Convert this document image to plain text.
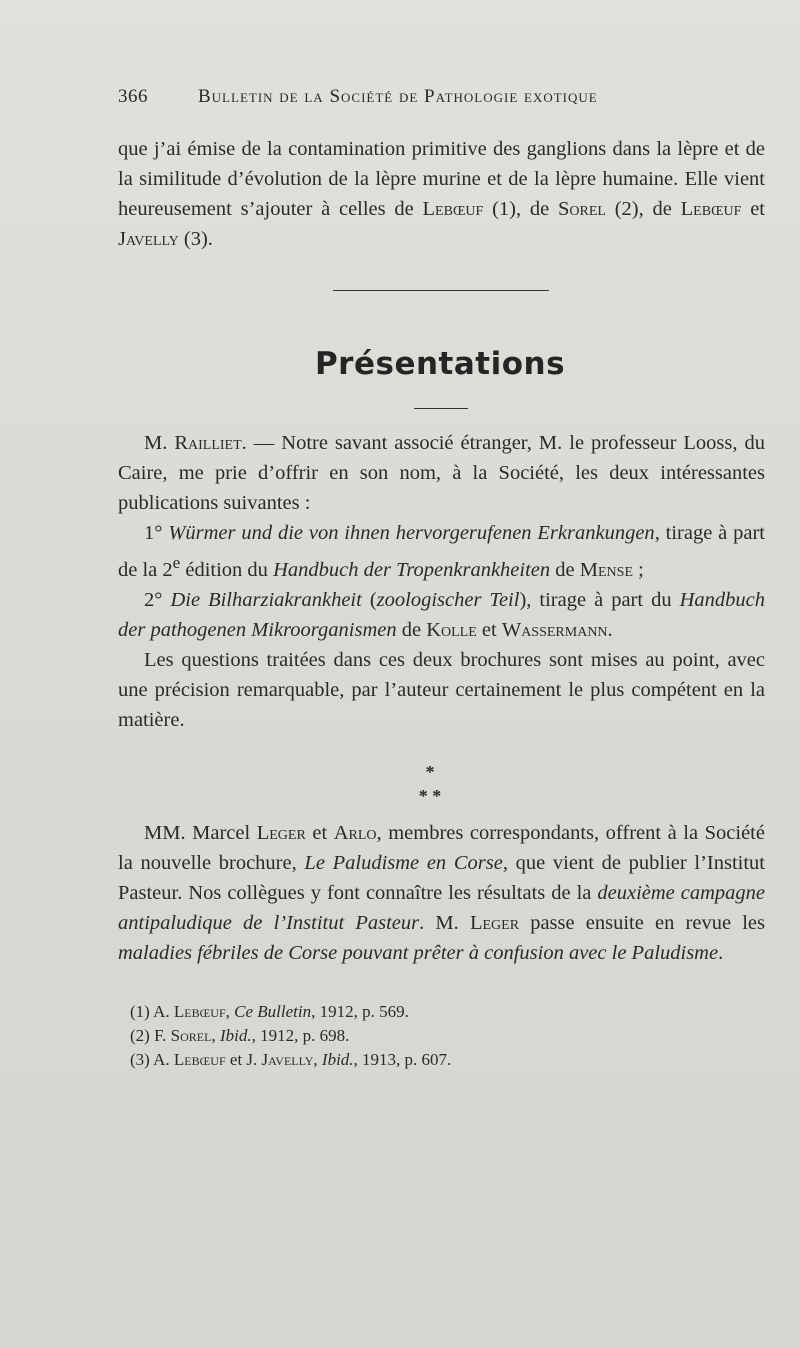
366	Bulletin de la Société de Pathologie exotique
que j’ai émise de la contamination primitive des ganglions dans la lèpre et de la similitude d’évolution de la lèpre murine et de la lèpre humaine. Elle vient heureusement s’ajouter à celles de Lebœuf (1), de Sorel (2), de Lebœuf et Javelly (3).
Présentations
M. Railliet. — Notre savant associé étranger, M. le professeur Looss, du Caire, me prie d’offrir en son nom, à la Société, les deux intéressantes publications suivantes :
1° Würmer und die von ihnen hervorgerufenen Erkrankungen, tirage à part de la 2e édition du Handbuch der Tropenkrankheiten de Mense ;
2° Die Bilharziakrankheit (zoologischer Teil), tirage à part du Handbuch der pathogenen Mikroorganismen de Kolle et Wassermann.
Les questions traitées dans ces deux brochures sont mises au point, avec une précision remarquable, par l’auteur certainement le plus compétent en la matière.
*
* *
MM. Marcel Leger et Arlo, membres correspondants, offrent à la Société la nouvelle brochure, Le Paludisme en Corse, que vient de publier l’Institut Pasteur. Nos collègues y font connaître les résultats de la deuxième campagne antipaludique de l’Institut Pasteur. M. Leger passe ensuite en revue les maladies fébriles de Corse pouvant prêter à confusion avec le Paludisme.
(1) A. Lebœuf, Ce Bulletin, 1912, p. 569.
(2) F. Sorel, Ibid., 1912, p. 698.
(3) A. Lebœuf et J. Javelly, Ibid., 1913, p. 607.
